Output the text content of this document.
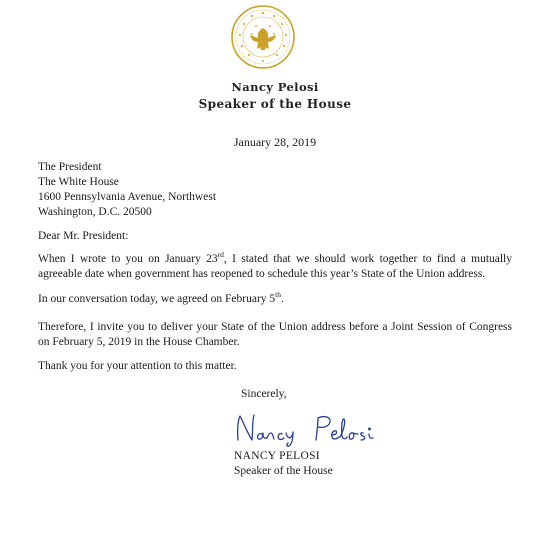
Nancy Pelosi
Speaker of the House
January 28, 2019
The President
The White House
1600 Pennsylvania Avenue, Northwest
Washington, D.C. 20500
Dear Mr. President:
When I wrote to you on January 23rd, I stated that we should work together to find a mutually agreeable date when government has reopened to schedule this year’s State of the Union address.
In our conversation today, we agreed on February 5th.
Therefore, I invite you to deliver your State of the Union address before a Joint Session of Congress on February 5, 2019 in the House Chamber.
Thank you for your attention to this matter.
Sincerely,
NANCY PELOSI
Speaker of the House
